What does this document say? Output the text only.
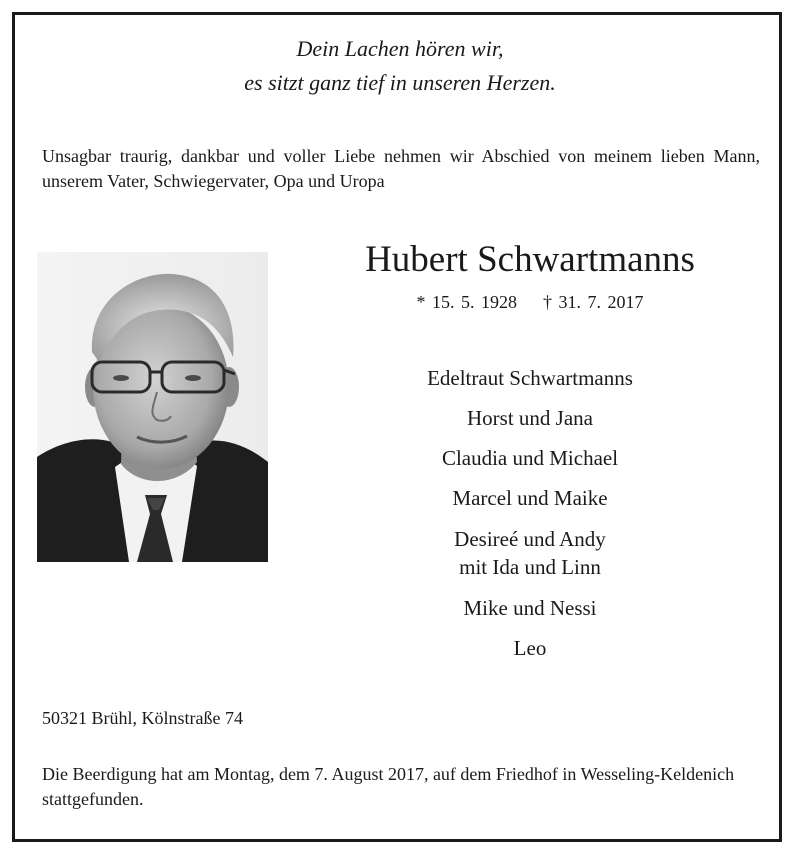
Dein Lachen hören wir,
es sitzt ganz tief in unseren Herzen.
Unsagbar traurig, dankbar und voller Liebe nehmen wir Abschied von meinem lieben Mann, unserem Vater, Schwiegervater, Opa und Uropa
Hubert Schwartmanns
* 15. 5. 1928 † 31. 7. 2017
Edeltraut Schwartmanns
Horst und Jana
Claudia und Michael
Marcel und Maike
Desireé und Andy
mit Ida und Linn
Mike und Nessi
Leo
50321 Brühl, Kölnstraße 74
Die Beerdigung hat am Montag, dem 7. August 2017, auf dem Friedhof in Wesseling-Keldenich stattgefunden.
